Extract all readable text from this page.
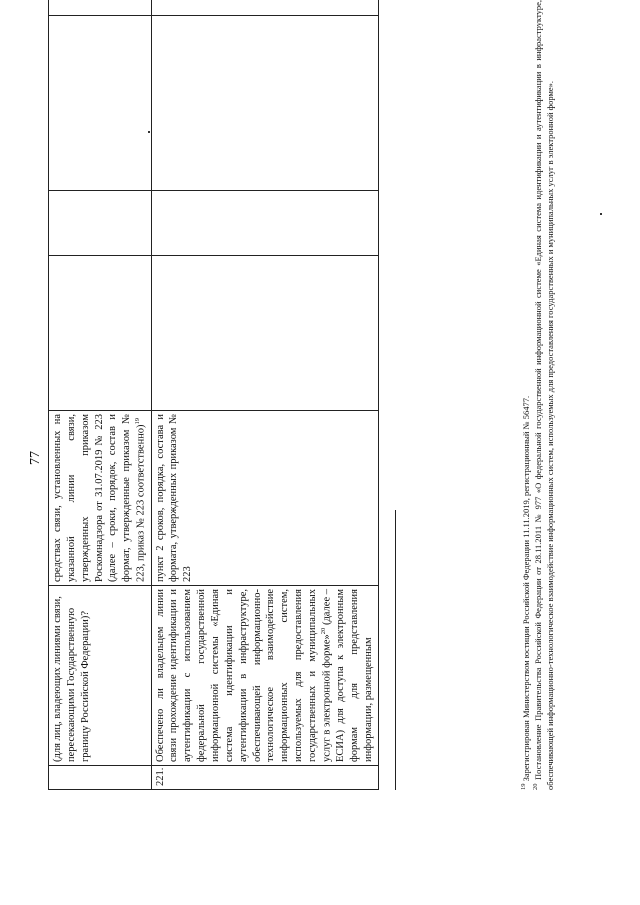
77
	(для лиц, владеющих линиями связи, пересекающими Государственную границу Российской Федерации)?	средствах связи, установленных на указанной линии связи, утвержденных приказом Роскомнадзора от 31.07.2019 № 223 (далее – сроки, порядок, состав и формат, утвержденные приказом № 223, приказ № 223 соответственно)$^{19}$				
221.	Обеспечено ли владельцем линии связи прохождение идентификации и аутентификации с использованием федеральной государственной информационной системы «Единая система идентификации и аутентификации в инфраструктуре, обеспечивающей информационно-технологическое взаимодействие информационных систем, используемых для предоставления государственных и муниципальных услуг в электронной форме»$^{20}$ (далее – ЕСИА) для доступа к электронным формам для представления информации, размещенным	пункт 2 сроков, порядка, состава и формата, утвержденных приказом № 223				

$^{19}$ Зарегистрирован Министерством юстиции Российской Федерации 11.11.2019, регистрационный № 56477.

$^{20}$ Постановление Правительства Российской Федерации от 28.11.2011 № 977 «О федеральной государственной информационной системе «Единая система идентификации и аутентификации в инфраструктуре, обеспечивающей информационно-технологическое взаимодействие информационных систем, используемых для предоставления государственных и муниципальных услуг в электронной форме».
